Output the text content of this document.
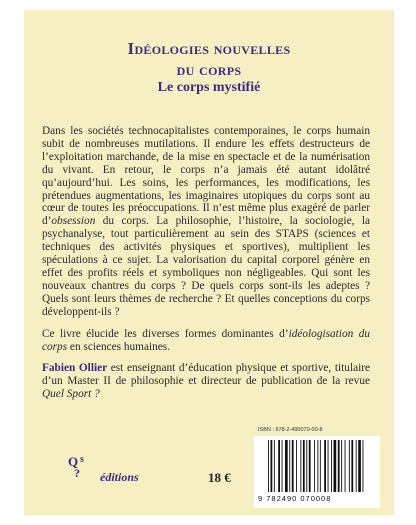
Idéologies nouvelles
du corps
Le corps mystifié

Dans les sociétés technocapitalistes contemporaines, le corps humain subit de nombreuses mutilations. Il endure les effets destructeurs de l’exploitation marchande, de la mise en spectacle et de la numérisation du vivant. En retour, le corps n’a jamais été autant idolâtré qu’aujourd’hui. Les soins, les performances, les modifications, les prétendues augmentations, les imaginaires utopiques du corps sont au cœur de toutes les préoccupations. Il n’est même plus exagéré de parler d’obsession du corps. La philosophie, l’histoire, la sociologie, la psychanalyse, tout particulièrement au sein des STAPS (sciences et techniques des activités physiques et sportives), multiplient les spéculations à ce sujet. La valorisation du capital corporel génère en effet des profits réels et symboliques non négligeables. Qui sont les nouveaux chantres du corps ? De quels corps sont-ils les adeptes ? Quels sont leurs thèmes de recherche ? Et quelles conceptions du corps développent-ils ?

Ce livre élucide les diverses formes dominantes d’idéologisation du corps en sciences humaines.

Fabien Ollier est enseignant d’éducation physique et sportive, titulaire d’un Master II de philosophie et directeur de publication de la revue Quel Sport ?

Q s
? éditions	18 €
ISBN : 978-2-490070-00-8
9 782490 070008
